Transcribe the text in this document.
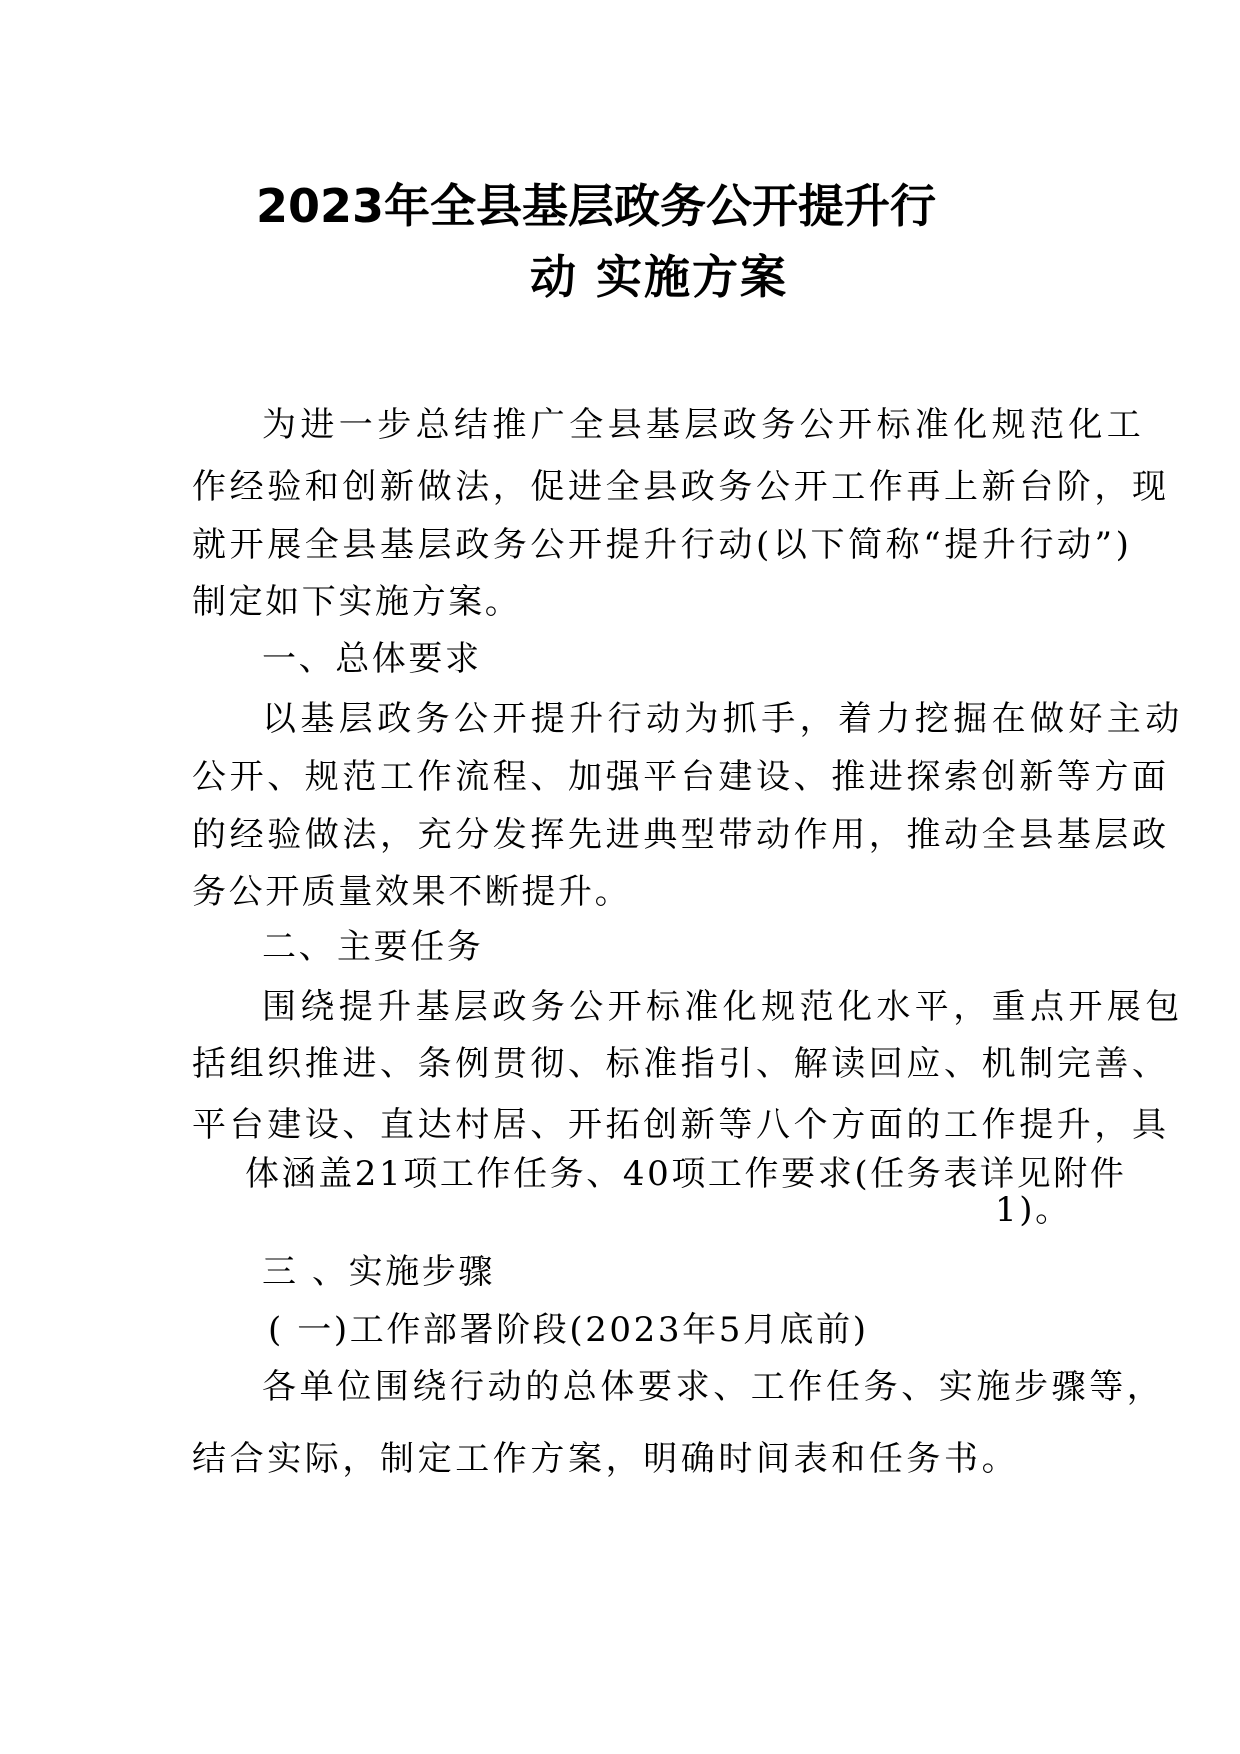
2023年全县基层政务公开提升行
动 实施方案
为进一步总结推广全县基层政务公开标准化规范化工
作经验和创新做法，促进全县政务公开工作再上新台阶，现
就开展全县基层政务公开提升行动(以下简称“提升行动”)
制定如下实施方案。
一、总体要求
以基层政务公开提升行动为抓手，着力挖掘在做好主动
公开、规范工作流程、加强平台建设、推进探索创新等方面
的经验做法，充分发挥先进典型带动作用，推动全县基层政
务公开质量效果不断提升。
二、 主要任务
围绕提升基层政务公开标准化规范化水平，重点开展包
括组织推进、条例贯彻、标准指引、解读回应、机制完善、
平台建设、直达村居、开拓创新等八个方面的工作提升，具
体涵盖21项工作任务、40项工作要求(任务表详见附件
1)。
三 、实施步骤
( 一)工作部署阶段(2023年5月底前)
各单位围绕行动的总体要求、工作任务、实施步骤等，
结合实际，制定工作方案，明确时间表和任务书。
